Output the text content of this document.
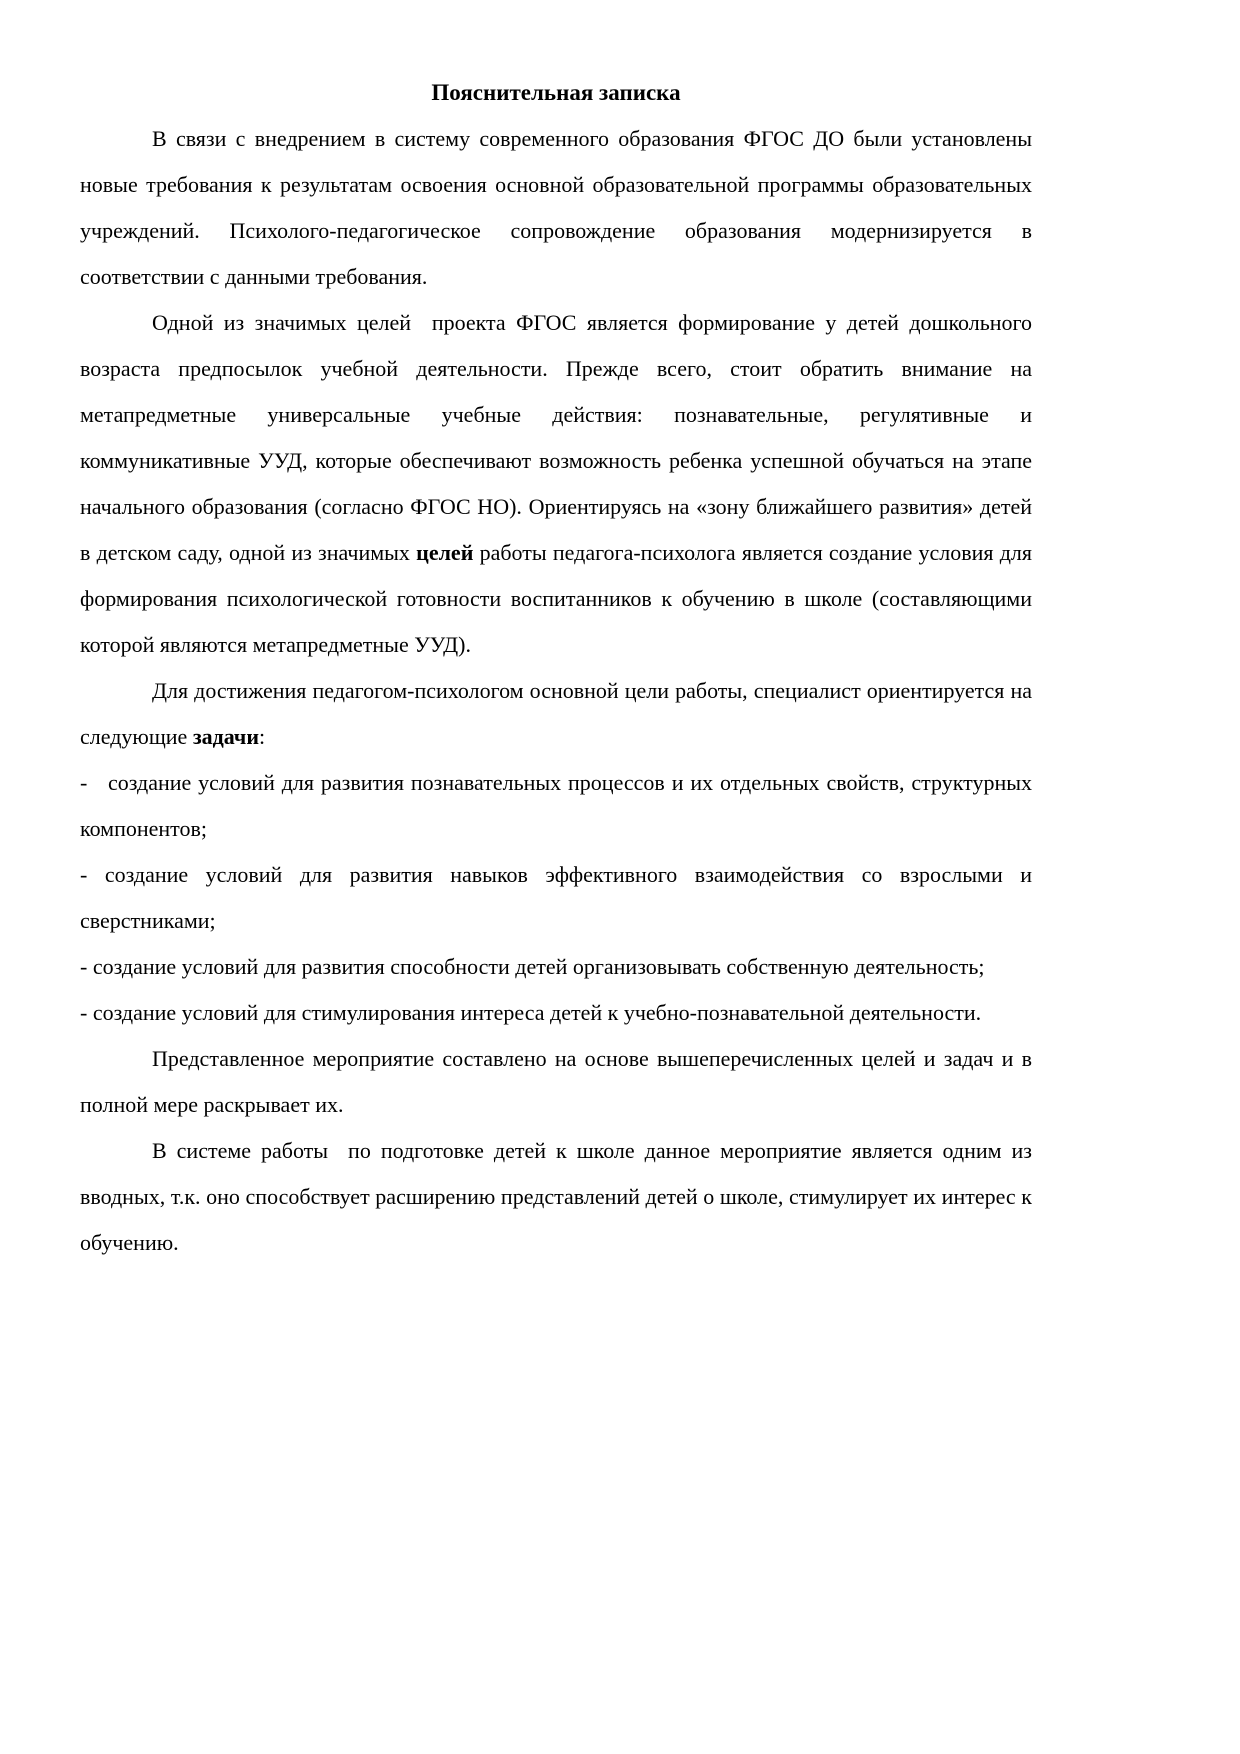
Пояснительная записка

В связи с внедрением в систему современного образования ФГОС ДО были установлены новые требования к результатам освоения основной образовательной программы образовательных учреждений. Психолого-педагогическое сопровождение образования модернизируется в соответствии с данными требования.

Одной из значимых целей  проекта ФГОС является формирование у детей дошкольного возраста предпосылок учебной деятельности. Прежде всего, стоит обратить внимание на метапредметные универсальные учебные действия: познавательные, регулятивные и коммуникативные УУД, которые обеспечивают возможность ребенка успешной обучаться на этапе начального образования (согласно ФГОС НО). Ориентируясь на «зону ближайшего развития» детей в детском саду, одной из значимых целей работы педагога-психолога является создание условия для формирования психологической готовности воспитанников к обучению в школе (составляющими которой являются метапредметные УУД).

Для достижения педагогом-психологом основной цели работы, специалист ориентируется на следующие задачи:

-   создание условий для развития познавательных процессов и их отдельных свойств, структурных компонентов;

- создание условий для развития навыков эффективного взаимодействия со взрослыми и сверстниками;

- создание условий для развития способности детей организовывать собственную деятельность;

- создание условий для стимулирования интереса детей к учебно-познавательной деятельности.

Представленное мероприятие составлено на основе вышеперечисленных целей и задач и в полной мере раскрывает их.

В системе работы  по подготовке детей к школе данное мероприятие является одним из вводных, т.к. оно способствует расширению представлений детей о школе, стимулирует их интерес к обучению.
